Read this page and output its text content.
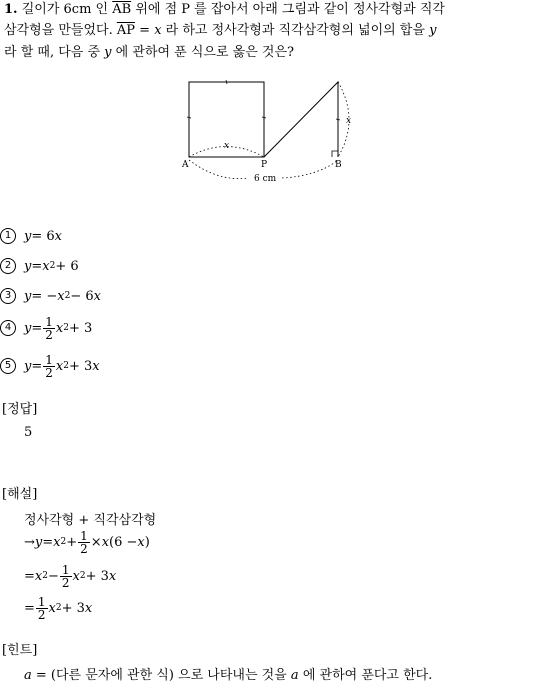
1. 길이가 6cm 인 $\overline{AB}$ 위에 점 P 를 잡아서 아래 그림과 같이 정사각형과 직각
삼각형을 만들었다. $\overline{AP} = x$ 라 하고 정사각형과 직각삼각형의 넓이의 합을 y
라 할 때, 다음 중 y 에 관하여 푼 식으로 옳은 것은?
A	P	B
x
x
6 cm
1 y = 6 x
2 y = x 2 + 6
3 y = − x 2 − 6 x
4 $y = \frac{1}{2}$ x 2 + 3
5 $y = \frac{1}{2}$ x 2 + 3 x
[정답]
5
[해설]
정사각형 + 직각삼각형
→ y = x $2 + \frac{1}{2} \times x$ (6 − x )
= x $2 - \frac{1}{2}$ x 2 + 3 x
= $\frac{1}{2}$ x 2 + 3 x
[힌트]
a = (다른 문자에 관한 식) 으로 나타내는 것을 a 에 관하여 푼다고 한다.
